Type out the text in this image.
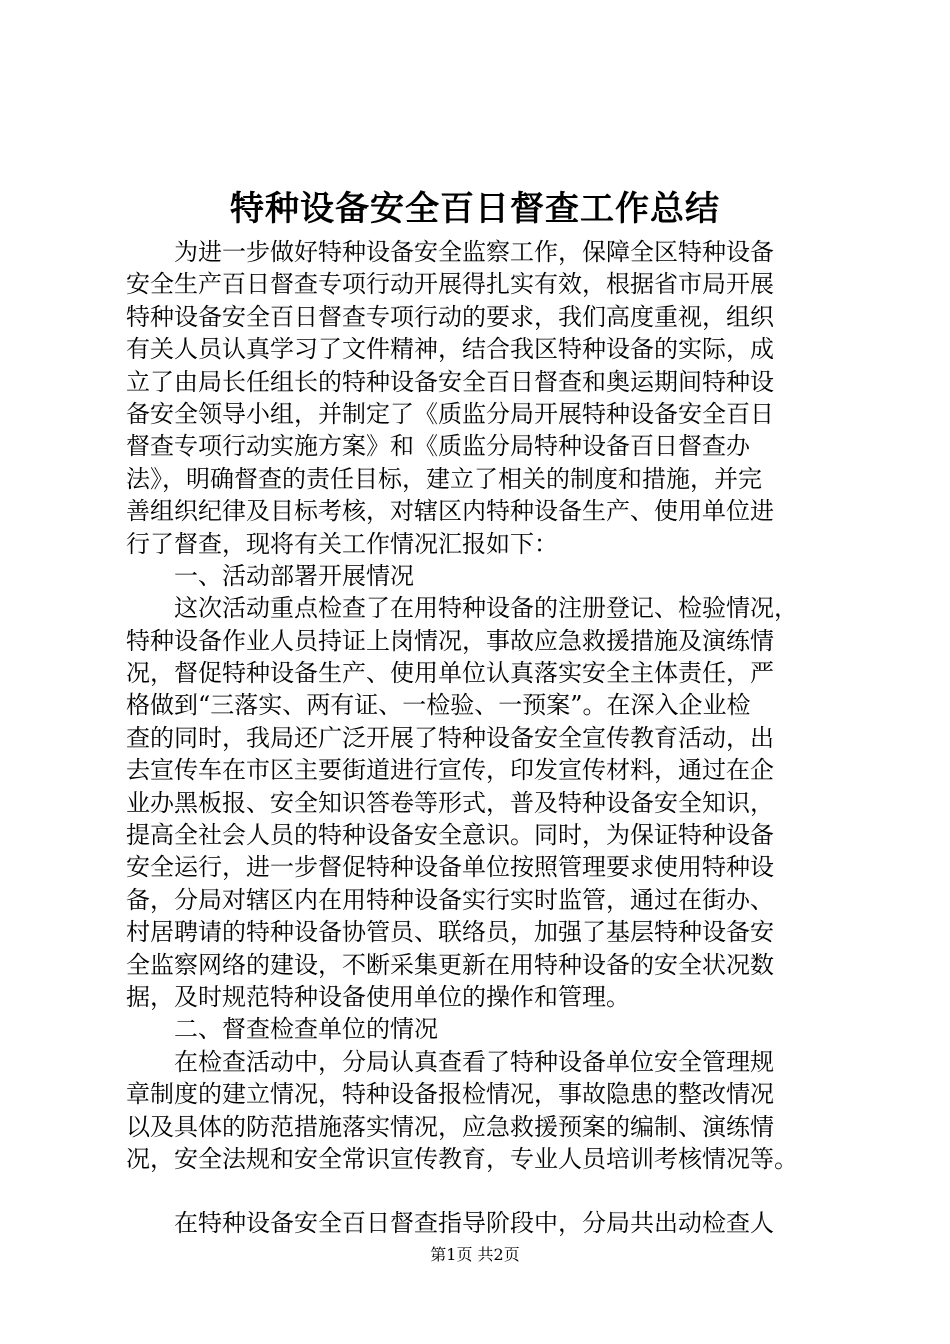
特种设备安全百日督查工作总结
　　为进一步做好特种设备安全监察工作，保障全区特种设备
安全生产百日督查专项行动开展得扎实有效，根据省市局开展
特种设备安全百日督查专项行动的要求，我们高度重视，组织
有关人员认真学习了文件精神，结合我区特种设备的实际，成
立了由局长任组长的特种设备安全百日督查和奥运期间特种设
备安全领导小组，并制定了《质监分局开展特种设备安全百日
督查专项行动实施方案》和《质监分局特种设备百日督查办
法》，明确督查的责任目标，建立了相关的制度和措施，并完
善组织纪律及目标考核，对辖区内特种设备生产、使用单位进
行了督查，现将有关工作情况汇报如下：
　　一、活动部署开展情况
　　这次活动重点检查了在用特种设备的注册登记、检验情况，
特种设备作业人员持证上岗情况，事故应急救援措施及演练情
况，督促特种设备生产、使用单位认真落实安全主体责任，严
格做到“三落实、两有证、一检验、一预案”。在深入企业检
查的同时，我局还广泛开展了特种设备安全宣传教育活动，出
去宣传车在市区主要街道进行宣传，印发宣传材料，通过在企
业办黑板报、安全知识答卷等形式，普及特种设备安全知识，
提高全社会人员的特种设备安全意识。同时，为保证特种设备
安全运行，进一步督促特种设备单位按照管理要求使用特种设
备，分局对辖区内在用特种设备实行实时监管，通过在街办、
村居聘请的特种设备协管员、联络员，加强了基层特种设备安
全监察网络的建设，不断采集更新在用特种设备的安全状况数
据，及时规范特种设备使用单位的操作和管理。
　　二、督查检查单位的情况
　　在检查活动中，分局认真查看了特种设备单位安全管理规
章制度的建立情况，特种设备报检情况，事故隐患的整改情况
以及具体的防范措施落实情况，应急救援预案的编制、演练情
况，安全法规和安全常识宣传教育，专业人员培训考核情况等。
　　在特种设备安全百日督查指导阶段中，分局共出动检查人
第1页 共2页
